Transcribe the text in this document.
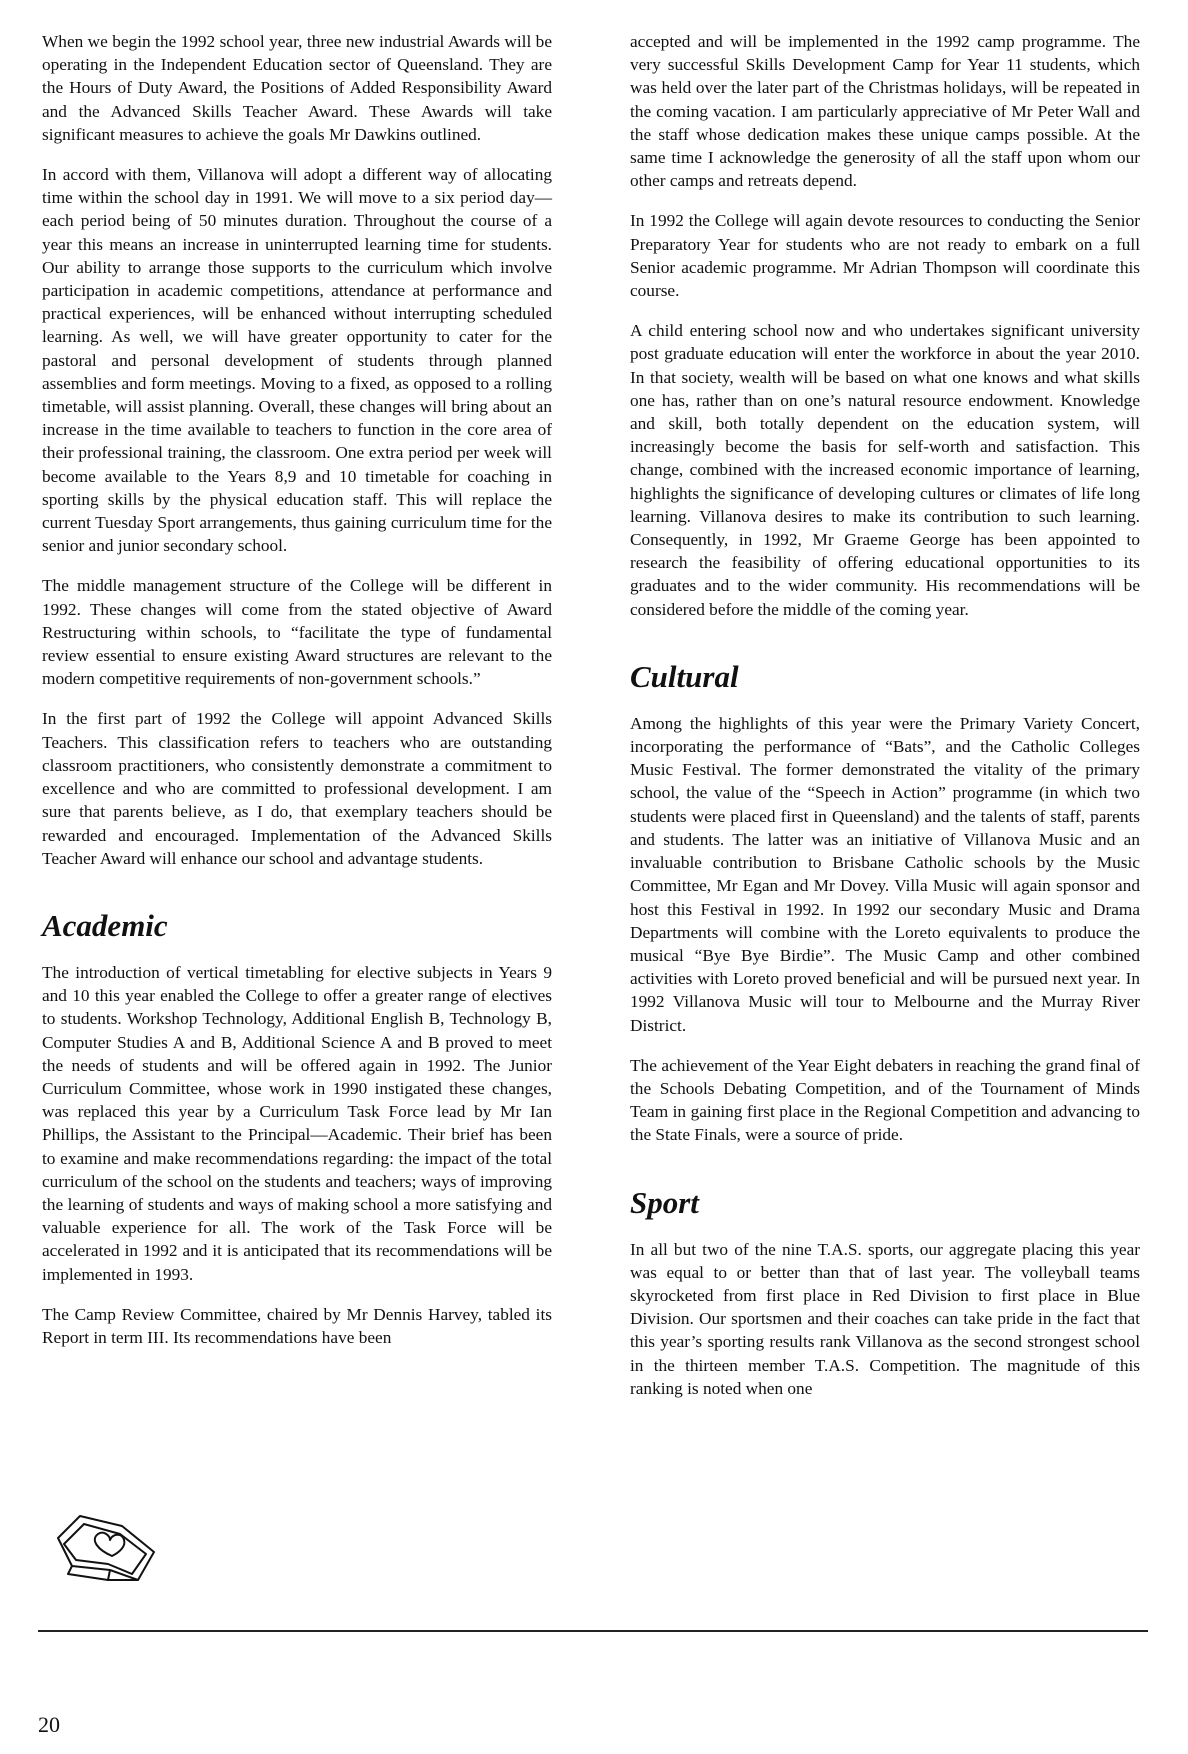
When we begin the 1992 school year, three new industrial Awards will be operating in the Independent Education sector of Queensland. They are the Hours of Duty Award, the Positions of Added Responsibility Award and the Advanced Skills Teacher Award. These Awards will take significant measures to achieve the goals Mr Dawkins outlined.

In accord with them, Villanova will adopt a different way of allocating time within the school day in 1991. We will move to a six period day—each period being of 50 minutes duration. Throughout the course of a year this means an increase in uninterrupted learning time for students. Our ability to arrange those supports to the curriculum which involve participation in academic competitions, attendance at performance and practical experiences, will be enhanced without interrupting scheduled learning. As well, we will have greater opportunity to cater for the pastoral and personal development of students through planned assemblies and form meetings. Moving to a fixed, as opposed to a rolling timetable, will assist planning. Overall, these changes will bring about an increase in the time available to teachers to function in the core area of their professional training, the classroom. One extra period per week will become available to the Years 8,9 and 10 timetable for coaching in sporting skills by the physical education staff. This will replace the current Tuesday Sport arrangements, thus gaining curriculum time for the senior and junior secondary school.

The middle management structure of the College will be different in 1992. These changes will come from the stated objective of Award Restructuring within schools, to “facilitate the type of fundamental review essential to ensure existing Award structures are relevant to the modern competitive requirements of non-government schools.”

In the first part of 1992 the College will appoint Advanced Skills Teachers. This classification refers to teachers who are outstanding classroom practitioners, who consistently demonstrate a commitment to excellence and who are committed to professional development. I am sure that parents believe, as I do, that exemplary teachers should be rewarded and encouraged. Implementation of the Advanced Skills Teacher Award will enhance our school and advantage students.

Academic

The introduction of vertical timetabling for elective subjects in Years 9 and 10 this year enabled the College to offer a greater range of electives to students. Workshop Technology, Additional English B, Technology B, Computer Studies A and B, Additional Science A and B proved to meet the needs of students and will be offered again in 1992. The Junior Curriculum Committee, whose work in 1990 instigated these changes, was replaced this year by a Curriculum Task Force lead by Mr Ian Phillips, the Assistant to the Principal—Academic. Their brief has been to examine and make recommendations regarding: the impact of the total curriculum of the school on the students and teachers; ways of improving the learning of students and ways of making school a more satisfying and valuable experience for all. The work of the Task Force will be accelerated in 1992 and it is anticipated that its recommendations will be implemented in 1993.

The Camp Review Committee, chaired by Mr Dennis Harvey, tabled its Report in term III. Its recommendations have been

accepted and will be implemented in the 1992 camp programme. The very successful Skills Development Camp for Year 11 students, which was held over the later part of the Christmas holidays, will be repeated in the coming vacation. I am particularly appreciative of Mr Peter Wall and the staff whose dedication makes these unique camps possible. At the same time I acknowledge the generosity of all the staff upon whom our other camps and retreats depend.

In 1992 the College will again devote resources to conducting the Senior Preparatory Year for students who are not ready to embark on a full Senior academic programme. Mr Adrian Thompson will coordinate this course.

A child entering school now and who undertakes significant university post graduate education will enter the workforce in about the year 2010. In that society, wealth will be based on what one knows and what skills one has, rather than on one’s natural resource endowment. Knowledge and skill, both totally dependent on the education system, will increasingly become the basis for self-worth and satisfaction. This change, combined with the increased economic importance of learning, highlights the significance of developing cultures or climates of life long learning. Villanova desires to make its contribution to such learning. Consequently, in 1992, Mr Graeme George has been appointed to research the feasibility of offering educational opportunities to its graduates and to the wider community. His recommendations will be considered before the middle of the coming year.

Cultural

Among the highlights of this year were the Primary Variety Concert, incorporating the performance of “Bats”, and the Catholic Colleges Music Festival. The former demonstrated the vitality of the primary school, the value of the “Speech in Action” programme (in which two students were placed first in Queensland) and the talents of staff, parents and students. The latter was an initiative of Villanova Music and an invaluable contribution to Brisbane Catholic schools by the Music Committee, Mr Egan and Mr Dovey. Villa Music will again sponsor and host this Festival in 1992. In 1992 our secondary Music and Drama Departments will combine with the Loreto equivalents to produce the musical “Bye Bye Birdie”. The Music Camp and other combined activities with Loreto proved beneficial and will be pursued next year. In 1992 Villanova Music will tour to Melbourne and the Murray River District.

The achievement of the Year Eight debaters in reaching the grand final of the Schools Debating Competition, and of the Tournament of Minds Team in gaining first place in the Regional Competition and advancing to the State Finals, were a source of pride.

Sport

In all but two of the nine T.A.S. sports, our aggregate placing this year was equal to or better than that of last year. The volleyball teams skyrocketed from first place in Red Division to first place in Blue Division. Our sportsmen and their coaches can take pride in the fact that this year’s sporting results rank Villanova as the second strongest school in the thirteen member T.A.S. Competition. The magnitude of this ranking is noted when one

20
